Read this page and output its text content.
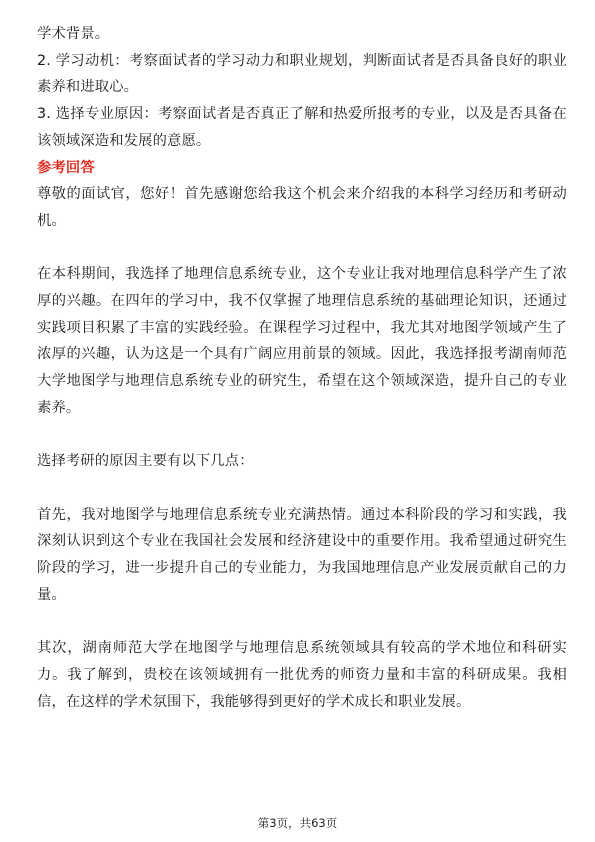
学术背景。

2. 学习动机：考察面试者的学习动力和职业规划，判断面试者是否具备良好的职业素养和进取心。

3. 选择专业原因：考察面试者是否真正了解和热爱所报考的专业，以及是否具备在该领域深造和发展的意愿。

参考回答

尊敬的面试官，您好！首先感谢您给我这个机会来介绍我的本科学习经历和考研动机。

在本科期间，我选择了地理信息系统专业，这个专业让我对地理信息科学产生了浓厚的兴趣。在四年的学习中，我不仅掌握了地理信息系统的基础理论知识，还通过实践项目积累了丰富的实践经验。在课程学习过程中，我尤其对地图学领域产生了浓厚的兴趣，认为这是一个具有广阔应用前景的领域。因此，我选择报考湖南师范大学地图学与地理信息系统专业的研究生，希望在这个领域深造，提升自己的专业素养。

选择考研的原因主要有以下几点：

首先，我对地图学与地理信息系统专业充满热情。通过本科阶段的学习和实践，我深刻认识到这个专业在我国社会发展和经济建设中的重要作用。我希望通过研究生阶段的学习，进一步提升自己的专业能力，为我国地理信息产业发展贡献自己的力量。

其次，湖南师范大学在地图学与地理信息系统领域具有较高的学术地位和科研实力。我了解到，贵校在该领域拥有一批优秀的师资力量和丰富的科研成果。我相信，在这样的学术氛围下，我能够得到更好的学术成长和职业发展。

第3页，共63页
